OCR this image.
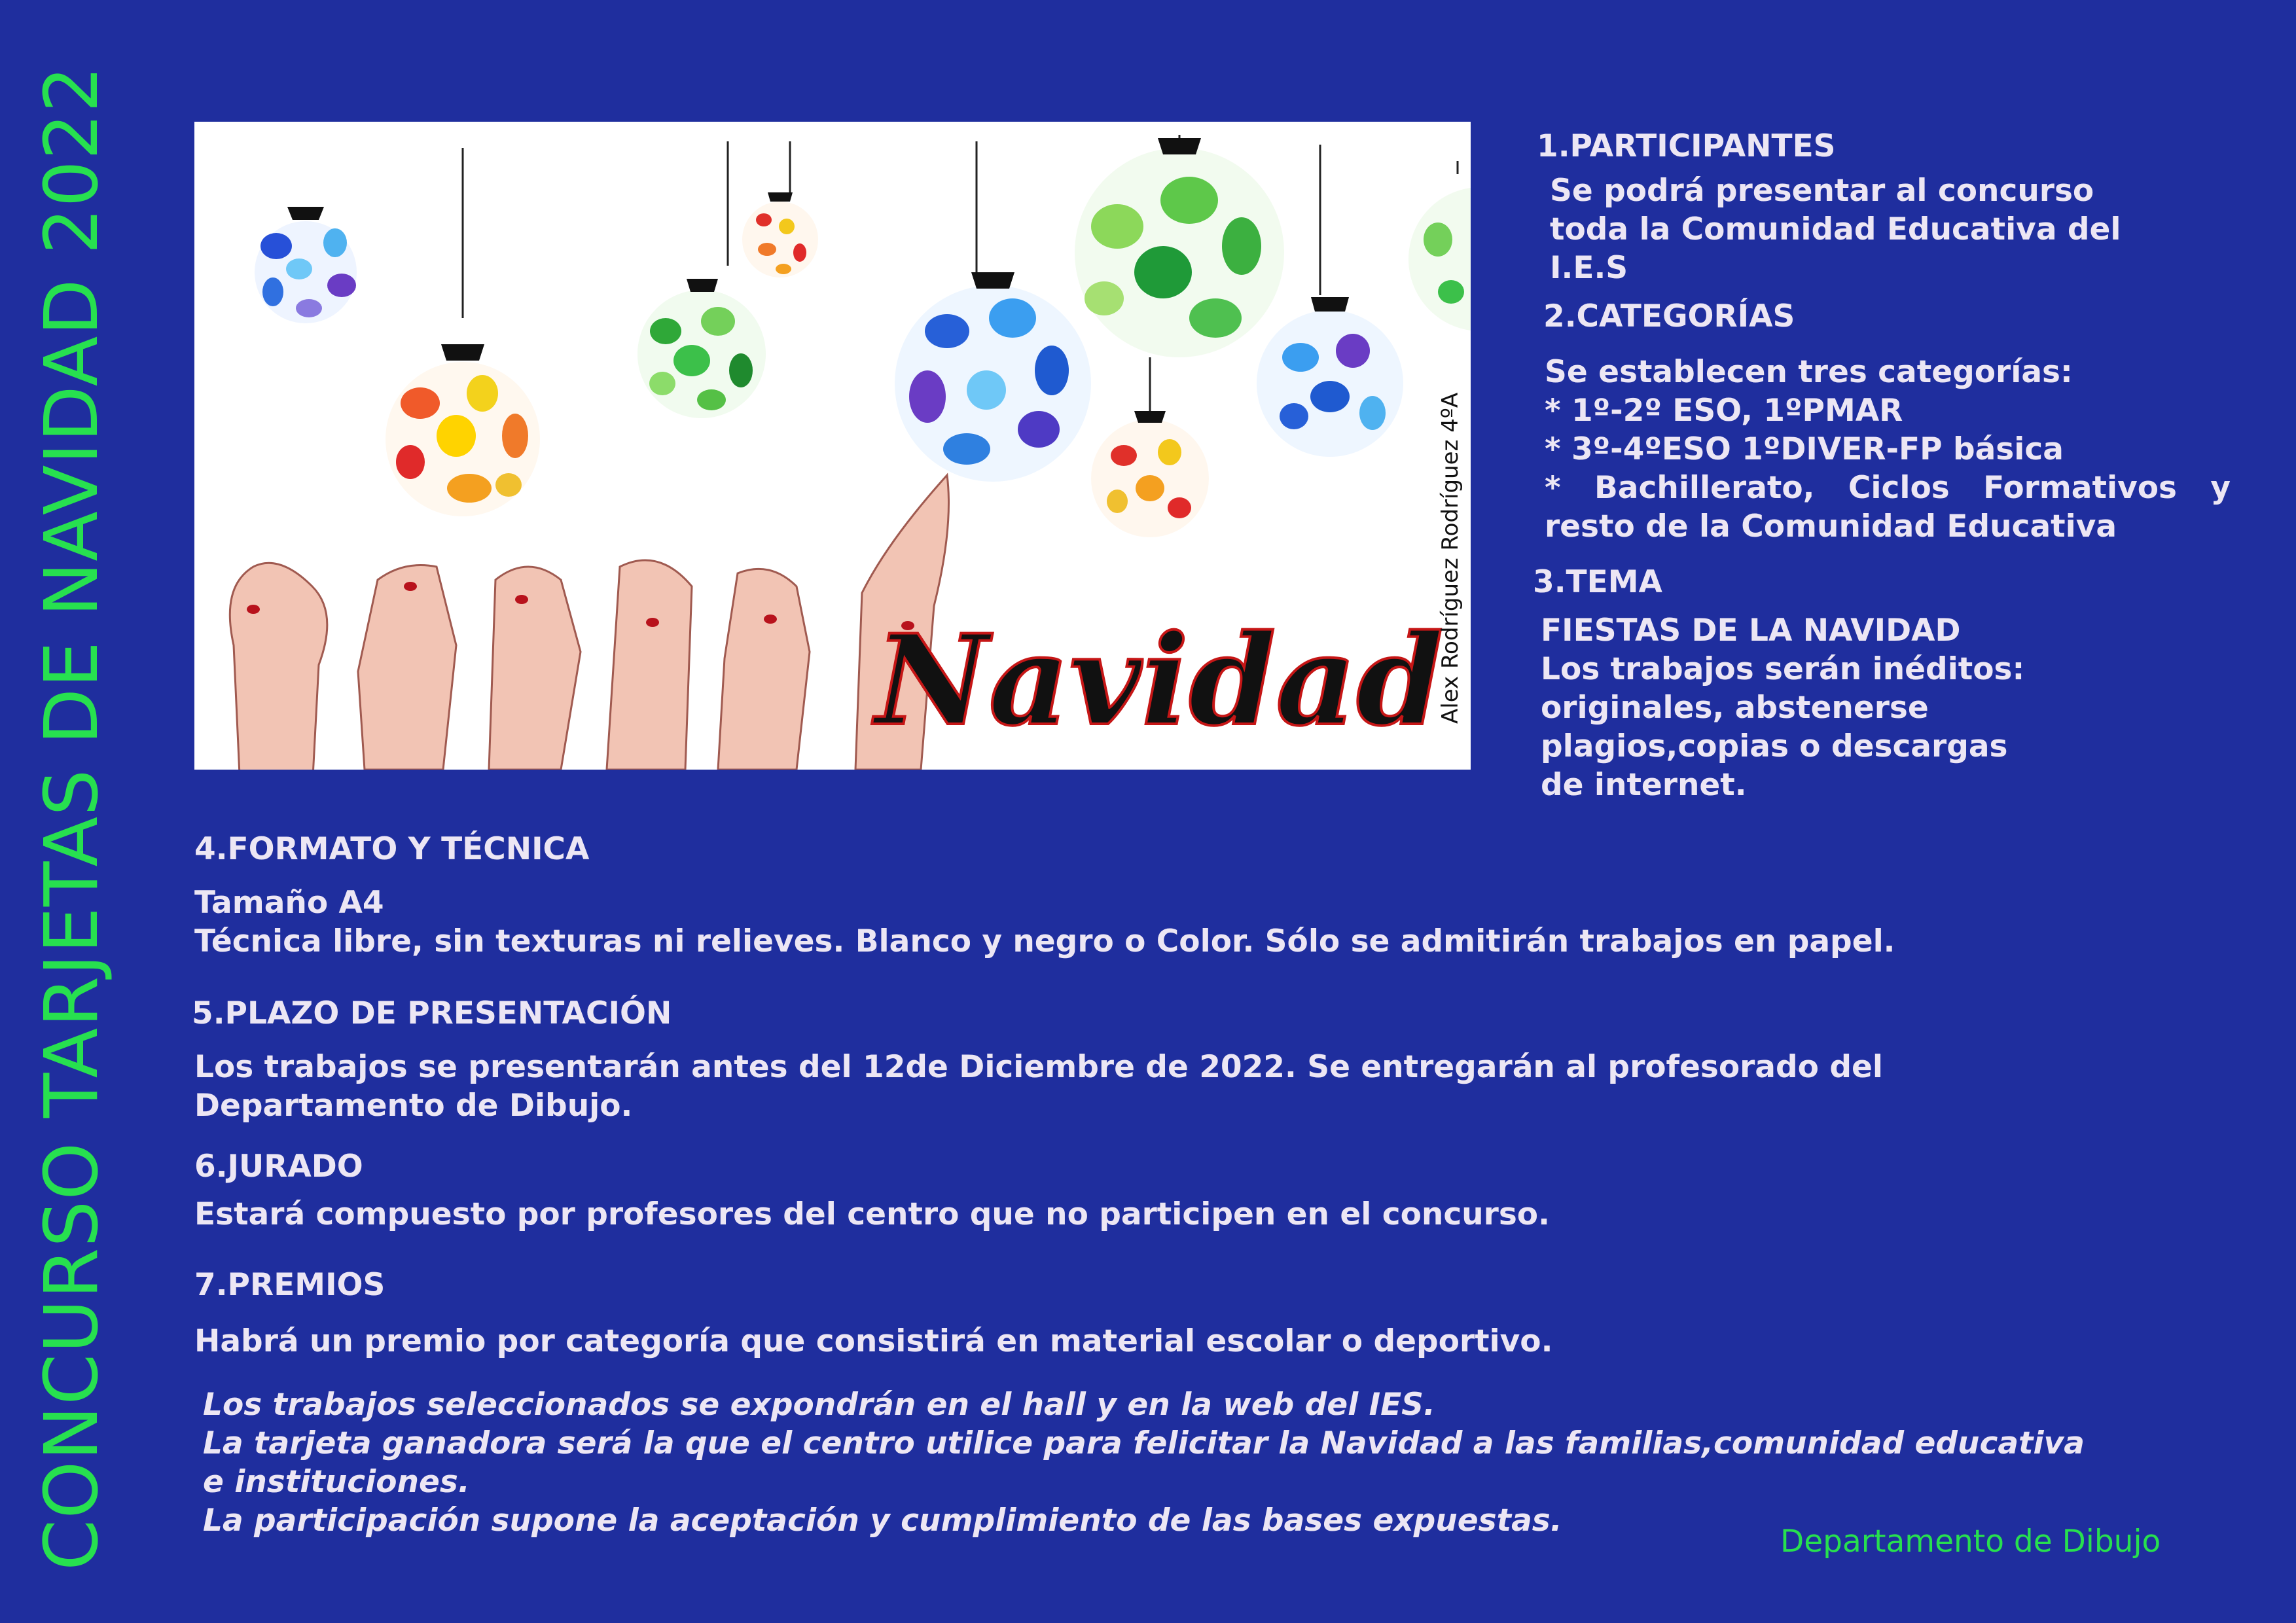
CONCURSO TARJETAS DE NAVIDAD 2022	Navidad
Alex Rodríguez Rodríguez 4ºA
1.PARTICIPANTES
Se podrá presentar al concurso
toda la Comunidad Educativa del
I.E.S
2.CATEGORÍAS
Se establecen tres categorías:
* 1º-2º ESO, 1ºPMAR
* 3º-4ºESO 1ºDIVER-FP básica
* Bachillerato, Ciclos Formativos y
resto de la Comunidad Educativa
3.TEMA
FIESTAS DE LA NAVIDAD
Los trabajos serán inéditos:
originales, abstenerse
plagios,copias o descargas
de internet.
4.FORMATO Y TÉCNICA
Tamaño A4
Técnica libre, sin texturas ni relieves. Blanco y negro o Color. Sólo se admitirán trabajos en papel.
5.PLAZO DE PRESENTACIÓN
Los trabajos se presentarán antes del 12de Diciembre de 2022. Se entregarán al profesorado del
Departamento de Dibujo.
6.JURADO
Estará compuesto por profesores del centro que no participen en el concurso.
7.PREMIOS
Habrá un premio por categoría que consistirá en material escolar o deportivo.
Los trabajos seleccionados se expondrán en el hall y en la web del IES.
La tarjeta ganadora será la que el centro utilice para felicitar la Navidad a las familias,comunidad educativa
e instituciones.
La participación supone la aceptación y cumplimiento de las bases expuestas.
Departamento de Dibujo
